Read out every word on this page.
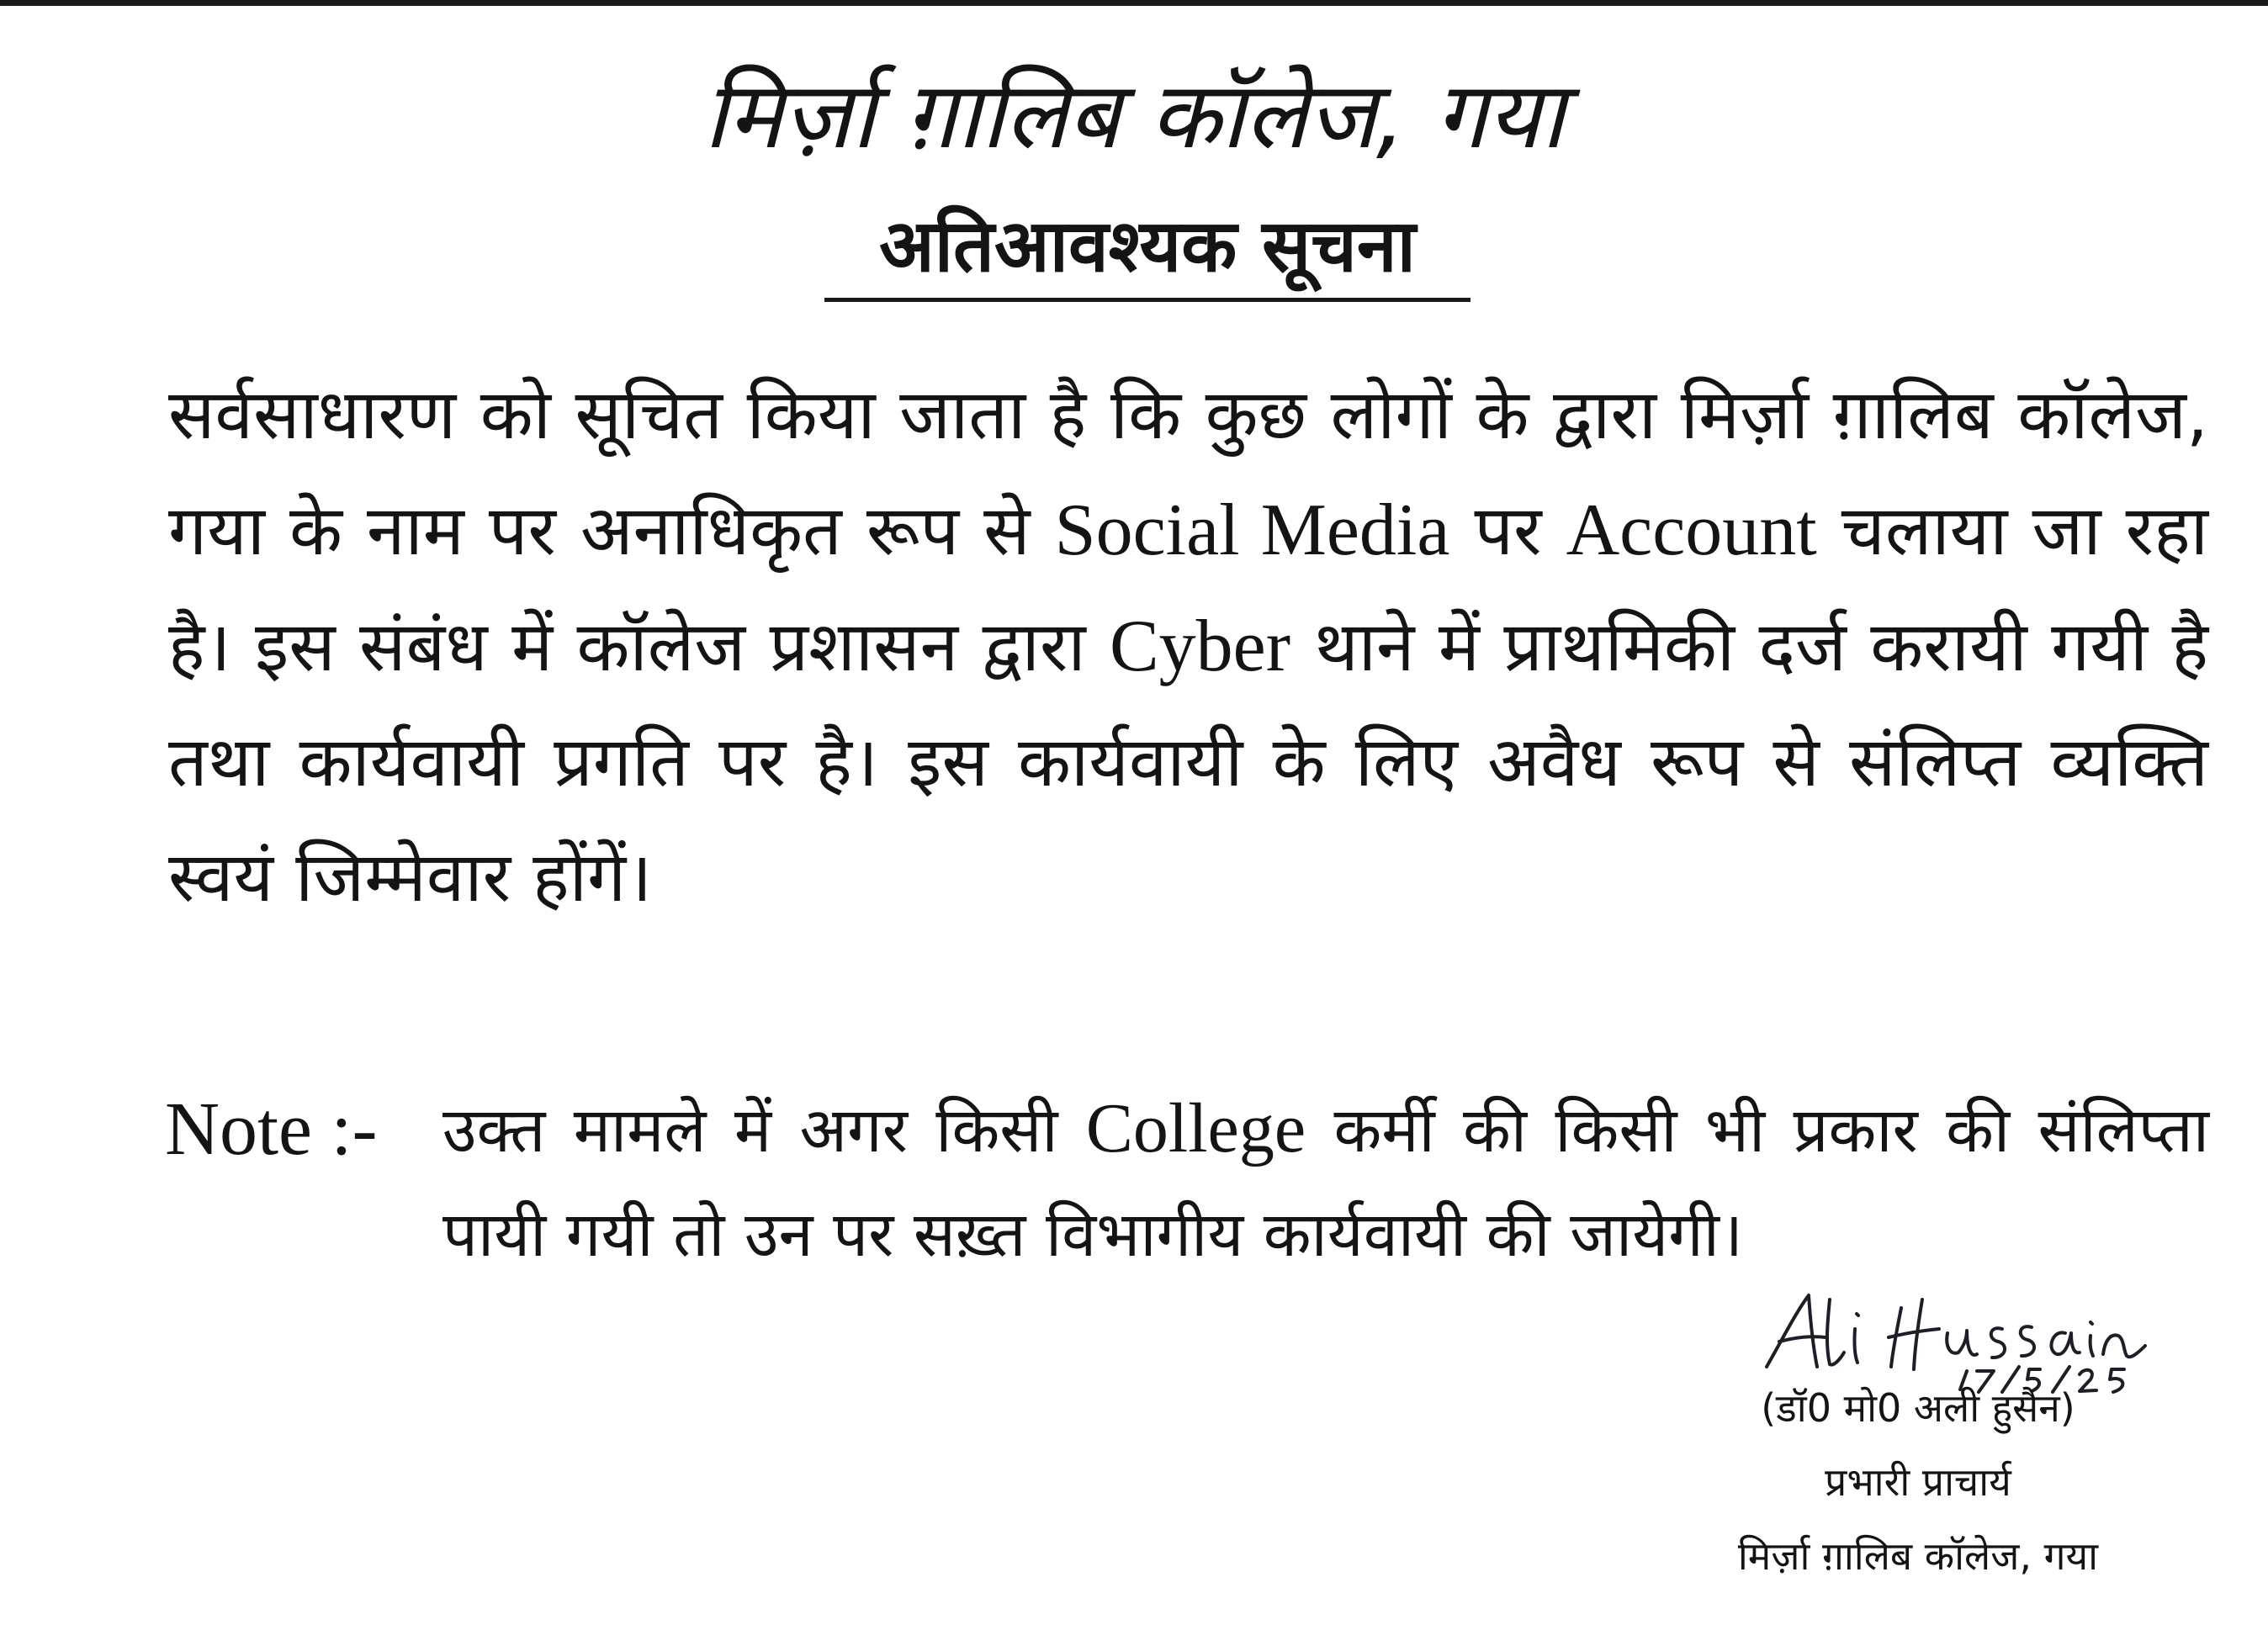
मिर्ज़ा ग़ालिब कॉलेज, गया
अतिआवश्यक सूचना
सर्वसाधारण को सूचित किया जाता है कि कुछ लोगों के द्वारा मिर्ज़ा ग़ालिब कॉलेज, गया के नाम पर अनाधिकृत रूप से Social Media पर Account चलाया जा रहा है। इस संबंध में कॉलेज प्रशासन द्वारा Cyber थाने में प्राथमिकी दर्ज करायी गयी है तथा कार्यवायी प्रगति पर है। इस कार्यवायी के लिए अवैध रूप से संलिप्त व्यक्ति स्वयं जिम्मेवार होंगें।
Note :- उक्त मामले में अगर किसी College कर्मी की किसी भी प्रकार की संलिप्ता पायी गयी तो उन पर सख़्त विभागीय कार्यवायी की जायेगी।
(डॉ0 मो0 अली हुसैन)
प्रभारी प्राचार्य
मिर्ज़ा ग़ालिब कॉलेज, गया
